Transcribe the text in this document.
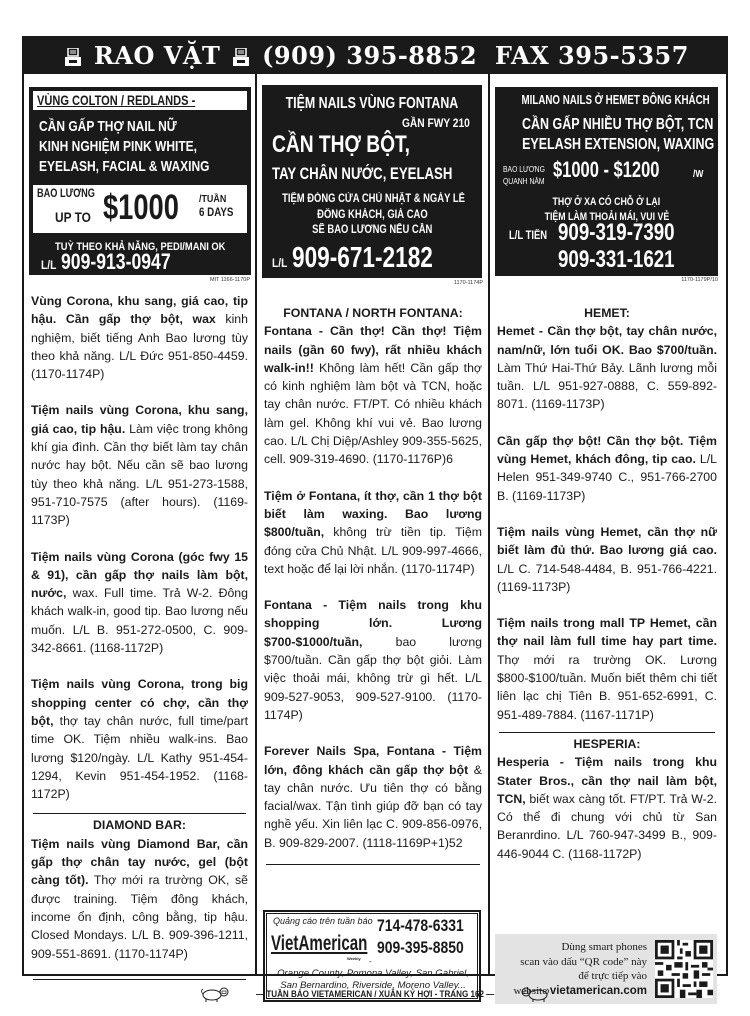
RAO VẶT (909) 395-8852 FAX 395-5357
VÙNG COLTON / REDLANDS -
CẦN GẤP THỢ NAIL NỮ
KINH NGHIỆM PINK WHITE,
EYELASH, FACIAL & WAXING
BAO LƯƠNG
UP TO $1000 /TUẦN
6 DAYS
TUỲ THEO KHẢ NĂNG, PEDI/MANI OK
L/L 909-913-0947
MIT 1166-1170P

Vùng Corona, khu sang, giá cao, tip hậu. Cần gấp thợ bột, wax kinh nghiệm, biết tiếng Anh Bao lương tùy theo khả năng. L/L Đức 951-850-4459. (1170-1174P)

Tiệm nails vùng Corona, khu sang, giá cao, tip hậu. Làm việc trong không khí gia đình. Cần thợ biết làm tay chân nước hay bột. Nếu cần sẽ bao lương tùy theo khả năng. L/L 951-273-1588, 951-710-7575 (after hours). (1169-1173P)

Tiệm nails vùng Corona (góc fwy 15 & 91), cần gấp thợ nails làm bột, nước, wax. Full time. Trả W-2. Đông khách walk-in, good tip. Bao lương nếu muốn. L/L B. 951-272-0500, C. 909-342-8661. (1168-1172P)

Tiệm nails vùng Corona, trong big shopping center có chợ, cần thợ bột, thợ tay chân nước, full time/part time OK. Tiệm nhiều walk-ins. Bao lương $120/ngày. L/L Kathy 951-454-1294, Kevin 951-454-1952. (1168-1172P)

DIAMOND BAR:

Tiệm nails vùng Diamond Bar, cần gấp thợ chân tay nước, gel (bột càng tốt). Thợ mới ra trường OK, sẽ được training. Tiệm đông khách, income ổn định, công bằng, tip hậu. Closed Mondays. L/L B. 909-396-1211, 909-551-8691. (1170-1174P)

TIỆM NAILS VÙNG FONTANA
GẦN FWY 210
CẦN THỢ BỘT,
TAY CHÂN NƯỚC, EYELASH
TIỆM ĐÓNG CỬA CHỦ NHẬT & NGÀY LỄ
ĐÔNG KHÁCH, GIÁ CAO
SẼ BAO LƯƠNG NẾU CẦN
L/L 909-671-2182
1170-1174P

FONTANA / NORTH FONTANA:

Fontana - Cần thợ! Cần thợ! Tiệm nails (gần 60 fwy), rất nhiều khách walk-in!! Không làm hết! Cần gấp thợ có kinh nghiệm làm bột và TCN, hoặc tay chân nước. FT/PT. Có nhiều khách làm gel. Không khí vui vẻ. Bao lương cao. L/L Chị Diệp/Ashley 909-355-5625, cell. 909-319-4690. (1170-1176P)6

Tiệm ở Fontana, ít thợ, cần 1 thợ bột biết làm waxing. Bao lương $800/tuần, không trừ tiền tip. Tiệm đóng cửa Chủ Nhật. L/L 909-997-4666, text hoặc để lại lời nhắn. (1170-1174P)

Fontana - Tiệm nails trong khu shopping lớn. Lương $700-$1000/tuần, bao lương $700/tuần. Cần gấp thợ bột giỏi. Làm việc thoải mái, không trừ gì hết. L/L 909-527-9053, 909-527-9100. (1170-1174P)

Forever Nails Spa, Fontana - Tiệm lớn, đông khách cần gấp thợ bột & tay chân nước. Ưu tiên thợ có bằng facial/wax. Tận tình giúp đỡ bạn có tay nghề yếu. Xin liên lạc C. 909-856-0976, B. 909-829-2007. (1118-1169P+1)52

Quảng cáo trên tuần báo
VietAmerican
Weekly
714-478-6331
909-395-8850
-
Orange County, Pomona Valley, San Gabriel, San Bernardino, Riverside, Moreno Valley...
MILANO NAILS Ở HEMET ĐÔNG KHÁCH
CẦN GẤP NHIỀU THỢ BỘT, TCN
EYELASH EXTENSION, WAXING
BAO LƯƠNG
QUANH NĂM $1000 - $1200	/W
THỢ Ở XA CÓ CHỖ Ở LẠI
TIỆM LÀM THOẢI MÁI, VUI VẺ
L/L TIÊN 909-319-7390
909-331-1621
1170-1179P/10

HEMET:

Hemet - Cần thợ bột, tay chân nước, nam/nữ, lớn tuổi OK. Bao $700/tuần. Làm Thứ Hai-Thứ Bảy. Lãnh lương mỗi tuần. L/L 951-927-0888, C. 559-892-8071. (1169-1173P)

Cần gấp thợ bột! Cần thợ bột. Tiệm vùng Hemet, khách đông, tip cao. L/L Helen 951-349-9740 C., 951-766-2700 B. (1169-1173P)

Tiệm nails vùng Hemet, cần thợ nữ biết làm đủ thứ. Bao lương giá cao. L/L C. 714-548-4484, B. 951-766-4221. (1169-1173P)

Tiệm nails trong mall TP Hemet, cần thợ nail làm full time hay part time. Thợ mới ra trường OK. Lương $800-$100/tuần. Muốn biết thêm chi tiết liên lạc chị Tiên B. 951-652-6991, C. 951-489-7884. (1167-1171P)

HESPERIA:

Hesperia - Tiệm nails trong khu Stater Bros., cần thợ nail làm bột, TCN, biết wax càng tốt. FT/PT. Trả W-2. Có thể đi chung với chủ từ San Beranrdino. L/L 760-947-3499 B., 909-446-9044 C. (1168-1172P)

Dùng smart phones
scan vào dấu “QR code” này
để trực tiếp vào
website vietamerican.com
— TUẦN BÁO VIETAMERICAN / XUÂN KỶ HỢI - TRANG 162 —
